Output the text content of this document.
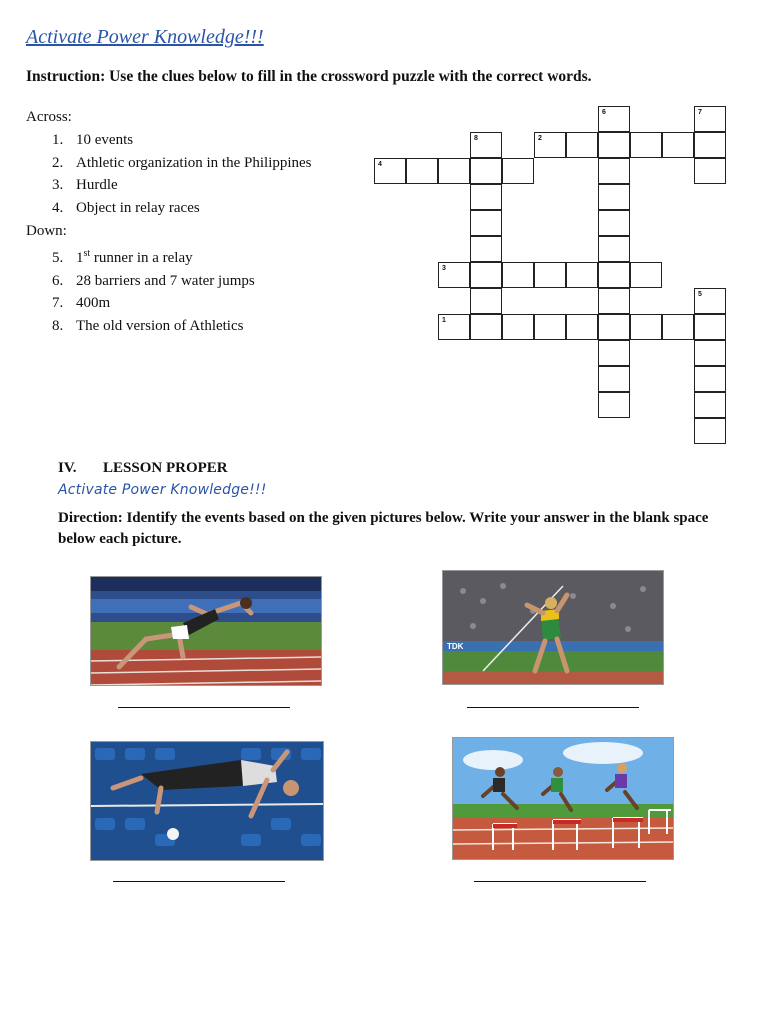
Activate Power Knowledge!!!
Instruction: Use the clues below to fill in the crossword puzzle with the correct words.
Across:
1. 10 events
2. Athletic organization in the Philippines
3. Hurdle
4. Object in relay races
Down:
5. 1st runner in a relay
6. 28 barriers and 7 water jumps
7. 400m
8. The old version of Athletics
6	7
5
8	2
4
3
1
IV. LESSON PROPER
Activate Power Knowledge!!!
Direction: Identify the events based on the given pictures below. Write your answer in the blank space below each picture.
TDK
